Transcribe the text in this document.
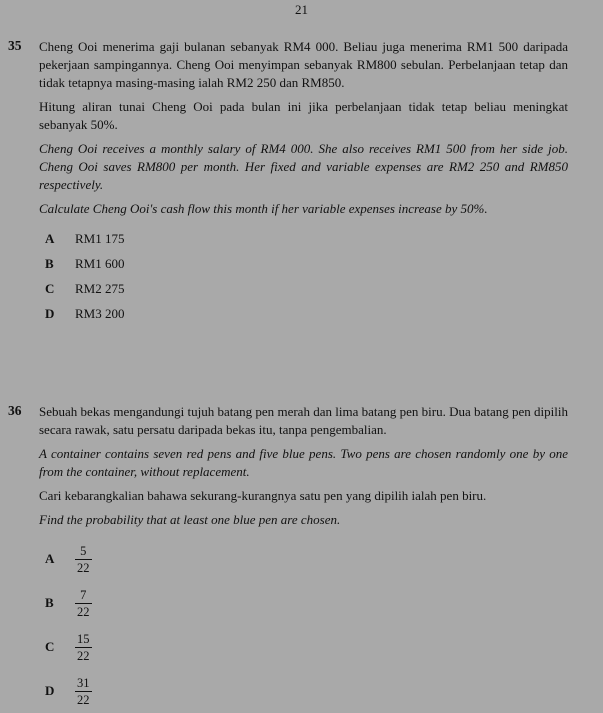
21
35 Cheng Ooi menerima gaji bulanan sebanyak RM4 000. Beliau juga menerima RM1 500 daripada pekerjaan sampingannya. Cheng Ooi menyimpan sebanyak RM800 sebulan. Perbelanjaan tetap dan tidak tetapnya masing-masing ialah RM2 250 dan RM850.

Hitung aliran tunai Cheng Ooi pada bulan ini jika perbelanjaan tidak tetap beliau meningkat sebanyak 50%.

Cheng Ooi receives a monthly salary of RM4 000. She also receives RM1 500 from her side job. Cheng Ooi saves RM800 per month. Her fixed and variable expenses are RM2 250 and RM850 respectively.

Calculate Cheng Ooi's cash flow this month if her variable expenses increase by 50%.

A	RM1 175
B	RM1 600
C	RM2 275
D	RM3 200
36 Sebuah bekas mengandungi tujuh batang pen merah dan lima batang pen biru. Dua batang pen dipilih secara rawak, satu persatu daripada bekas itu, tanpa pengembalian.

A container contains seven red pens and five blue pens. Two pens are chosen randomly one by one from the container, without replacement.

Cari kebarangkalian bahawa sekurang-kurangnya satu pen yang dipilih ialah pen biru.

Find the probability that at least one blue pen are chosen.

A	$\frac{5}{22}$
B	$\frac{7}{22}$
C	$\frac{15}{22}$
D	$\frac{31}{22}$
